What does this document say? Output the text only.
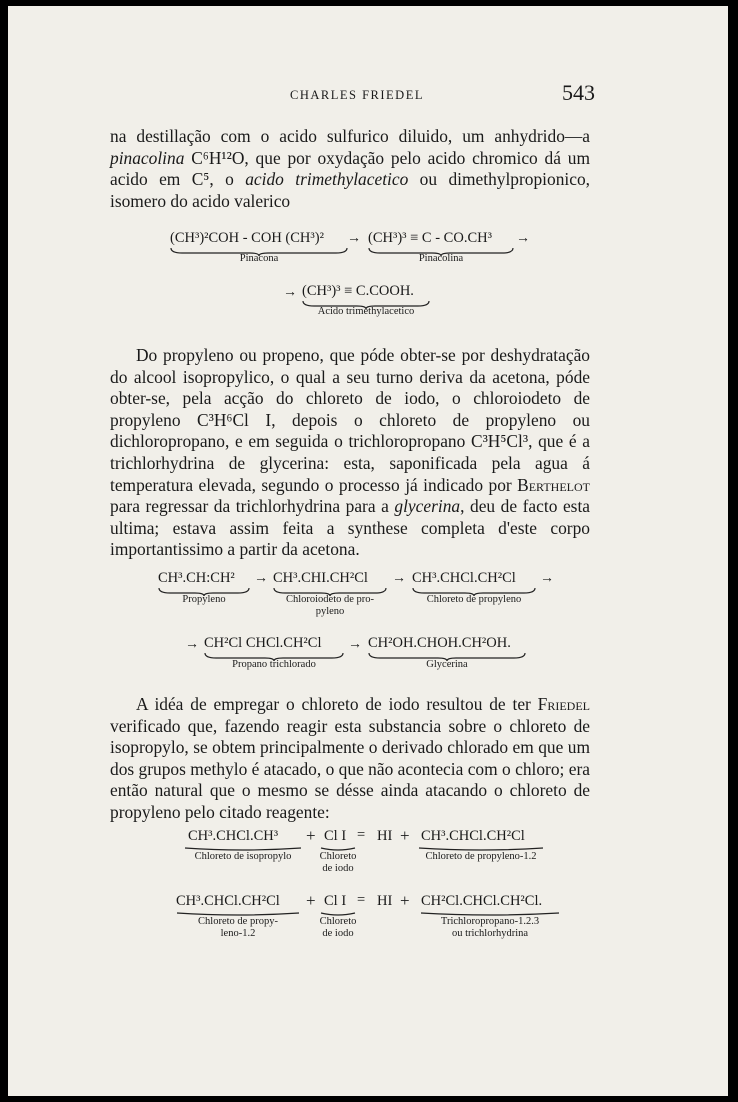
CHARLES FRIEDEL	543

na destillação com o acido sulfurico diluido, um anhydrido—a pinacolina C⁶H¹²O, que por oxydação pelo acido chromico dá um acido em C⁵, o acido trimethylacetico ou dimethylpropionico, isomero do acido valerico

(CH³)²COH - COH (CH³)²
Pinacona
→ (CH³)³ ≡ C - CO.CH³
Pinacolina
→
→ (CH³)³ ≡ C.COOH.
Acido trimethylacetico

Do propyleno ou propeno, que póde obter-se por deshydratação do alcool isopropylico, o qual a seu turno deriva da acetona, póde obter-se, pela acção do chloreto de iodo, o chloroiodeto de propyleno C³H⁶Cl I, depois o chloreto de propyleno ou dichloropropano, e em seguida o trichloropropano C³H⁵Cl³, que é a trichlorhydrina de glycerina: esta, saponificada pela agua á temperatura elevada, segundo o processo já indicado por Berthelot para regressar da trichlorhydrina para a glycerina, deu de facto esta ultima; estava assim feita a synthese completa d'este corpo importantissimo a partir da acetona.

CH³.CH:CH²
Propyleno
→ CH³.CHI.CH²Cl
Chloroiodeto de pro-
pyleno
→ CH³.CHCl.CH²Cl
Chloreto de propyleno
→
→ CH²Cl CHCl.CH²Cl
Propano trichlorado
→ CH²OH.CHOH.CH²OH.
Glycerina

A idéa de empregar o chloreto de iodo resultou de ter Friedel verificado que, fazendo reagir esta substancia sobre o chloreto de isopropylo, se obtem principalmente o derivado chlorado em que um dos grupos methylo é atacado, o que não acontecia com o chloro; era então natural que o mesmo se désse ainda atacando o chloreto de propyleno pelo citado reagente:

CH³.CHCl.CH³
Chloreto de isopropylo
+ Cl I
Chloreto
de iodo
= HI + CH³.CHCl.CH²Cl
Chloreto de propyleno-1.2
CH³.CHCl.CH²Cl
Chloreto de propy-
leno-1.2
+ Cl I
Chloreto
de iodo
= HI + CH²Cl.CHCl.CH²Cl.
Trichloropropano-1.2.3
ou trichlorhydrina
